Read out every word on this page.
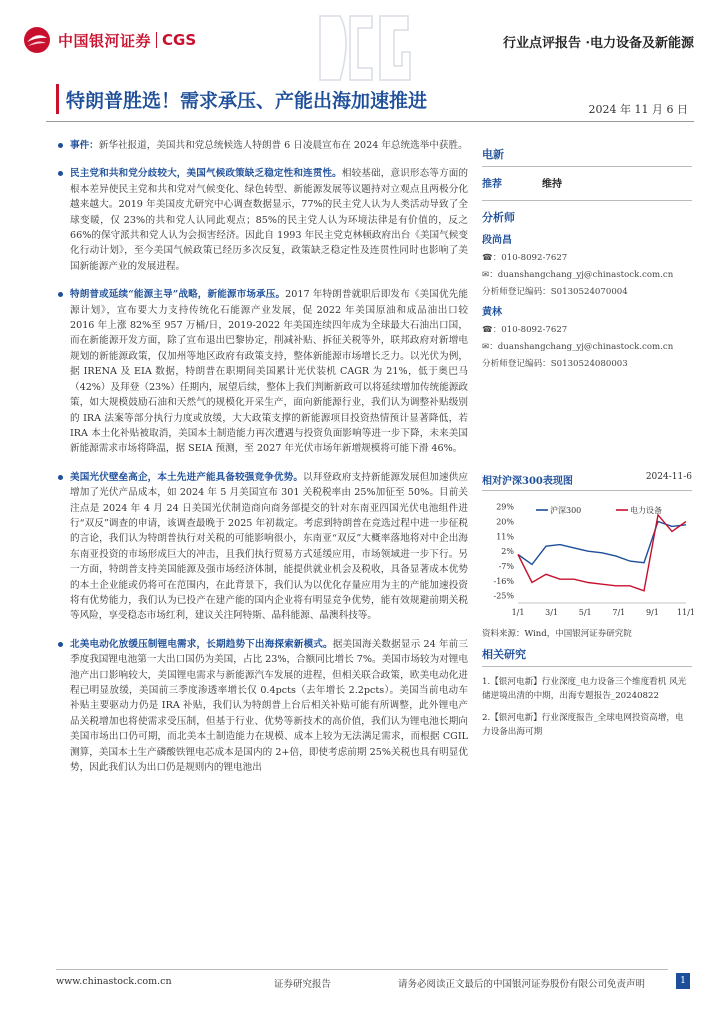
中国银河证券 CGS	行业点评报告 ·电力设备及新能源
特朗普胜选！需求承压、产能出海加速推进	2024 年 11 月 6 日
事件：新华社报道，美国共和党总统候选人特朗普 6 日凌晨宣布在 2024 年总统选举中获胜。
民主党和共和党分歧较大，美国气候政策缺乏稳定性和连贯性。相较基础，意识形态等方面的根本差异使民主党和共和党对气候变化、绿色转型、新能源发展等议题持对立观点且两极分化越来越大。2019 年美国皮尤研究中心调查数据显示，77%的民主党人认为人类活动导致了全球变暖，仅 23%的共和党人认同此观点；85%的民主党人认为环境法律是有价值的，反之 66%的保守派共和党人认为会损害经济。因此自 1993 年民主党克林顿政府出台《美国气候变化行动计划》，至今美国气候政策已经历多次反复，政策缺乏稳定性及连贯性同时也影响了美国新能源产业的发展进程。
特朗普或延续“能源主导”战略，新能源市场承压。2017 年特朗普就职后即发布《美国优先能源计划》，宣布要大力支持传统化石能源产业发展，促 2022 年美国原油和成品油出口较 2016 年上涨 82%至 957 万桶/日，2019-2022 年美国连续四年成为全球最大石油出口国，而在新能源开发方面，除了宣布退出巴黎协定，削减补贴、拆征关税等外，联邦政府对新增电规划的新能源政策，仅加州等地区政府有政策支持，整体新能源市场增长乏力。以光伏为例，据 IRENA 及 EIA 数据，特朗普在职期间美国累计光伏装机 CAGR 为 21%，低于奥巴马（42%）及拜登（23%）任期内，展望后续，整体上我们判断新政可以将延续增加传统能源政策，如大规模鼓励石油和天然气的规模化开采生产，面向新能源行业，我们认为调整补贴级别的 IRA 法案等部分执行力度或放缓，大大政策支撑的新能源项目投资热情预计显著降低，若 IRA 本土化补贴被取消，美国本土制造能力再次遭遇与投资负面影响等进一步下降，未来美国新能源需求市场将降温，据 SEIA 预测，至 2027 年光伏市场年新增规模将可能下滑 46%。
美国光伏壁垒高企，本土先进产能具备较强竞争优势。以拜登政府支持新能源发展但加速供应增加了光伏产品成本，如 2024 年 5 月美国宣布 301 关税税率由 25%加征至 50%。目前关注点是 2024 年 4 月 24 日美国光伏制造商向商务部提交的针对东南亚四国光伏电池组件进行“双反”调查的申请，该调查最晚于 2025 年初裁定。考虑到特朗普在竞选过程中进一步征税的言论，我们认为特朗普执行对关税的可能影响很小，东南亚“双反”大概率落地将对中企出海东南亚投资的市场形成巨大的冲击，且我们执行贸易方式延缓应用，市场领域进一步下行。另一方面，特朗普支持美国能源及强市场经济体制，能提供就业机会及税收，具备显著成本优势的本土企业能或仍将可在范围内，在此背景下，我们认为以优化存量应用为主的产能加速投资将有优势能力，我们认为已投产在建产能的国内企业将有明显竞争优势，能有效规避前期关税等风险，享受稳态市场红利，建议关注阿特斯、晶科能源、晶澳科技等。
北美电动化放缓压制锂电需求，长期趋势下出海探索新模式。据美国海关数据显示 24 年前三季度我国锂电池第一大出口国仍为美国，占比 23%，合额同比增长 7%。美国市场较为对锂电池产出口影响较大，美国锂电需求与新能源汽车发展的进程，但相关联合政策，欧美电动化进程已明显放缓，美国前三季度渗透率增长仅 0.4pcts（去年增长 2.2pcts）。美国当前电动车补贴主要驱动力仍是 IRA 补贴，我们认为特朗普上台后相关补贴可能有所调整，此外锂电产品关税增加也将使需求受压制，但基于行业、优势等新技术的高价值，我们认为锂电池长期向美国市场出口仍可期，而北美本土制造能力在规模、成本上较为无法满足需求，而根据 CGIL 测算，美国本土生产磷酸铁锂电芯成本是国内的 2+倍，即使考虑前期 25%关税也具有明显优势，因此我们认为出口仍是规则内的锂电池出
电新
推荐	维持
分析师
段尚昌
☎：010-8092-7627
✉：duanshangchang_yj@chinastock.com.cn
分析师登记编码：S0130524070004
黄林
☎：010-8092-7627
✉：duanshangchang_yj@chinastock.com.cn
分析师登记编码：S0130524080003
相对沪深300表现图	2024-11-6
29%
20%
11%
2%
-7%
-16%
-25%
1/1	3/1	5/1	7/1	9/1 11/1
沪深300	电力设备
资料来源：Wind，中国银河证券研究院
相关研究

1.【银河电新】行业深度_电力设备三个维度看机 风光储逆境出清的中期，出海专题报告_20240822

2.【银河电新】行业深度报告_全球电网投资高增，电力设备出海可期

www.chinastock.com.cn	证券研究报告	请务必阅读正文最后的中国银河证券股份有限公司免责声明	1
